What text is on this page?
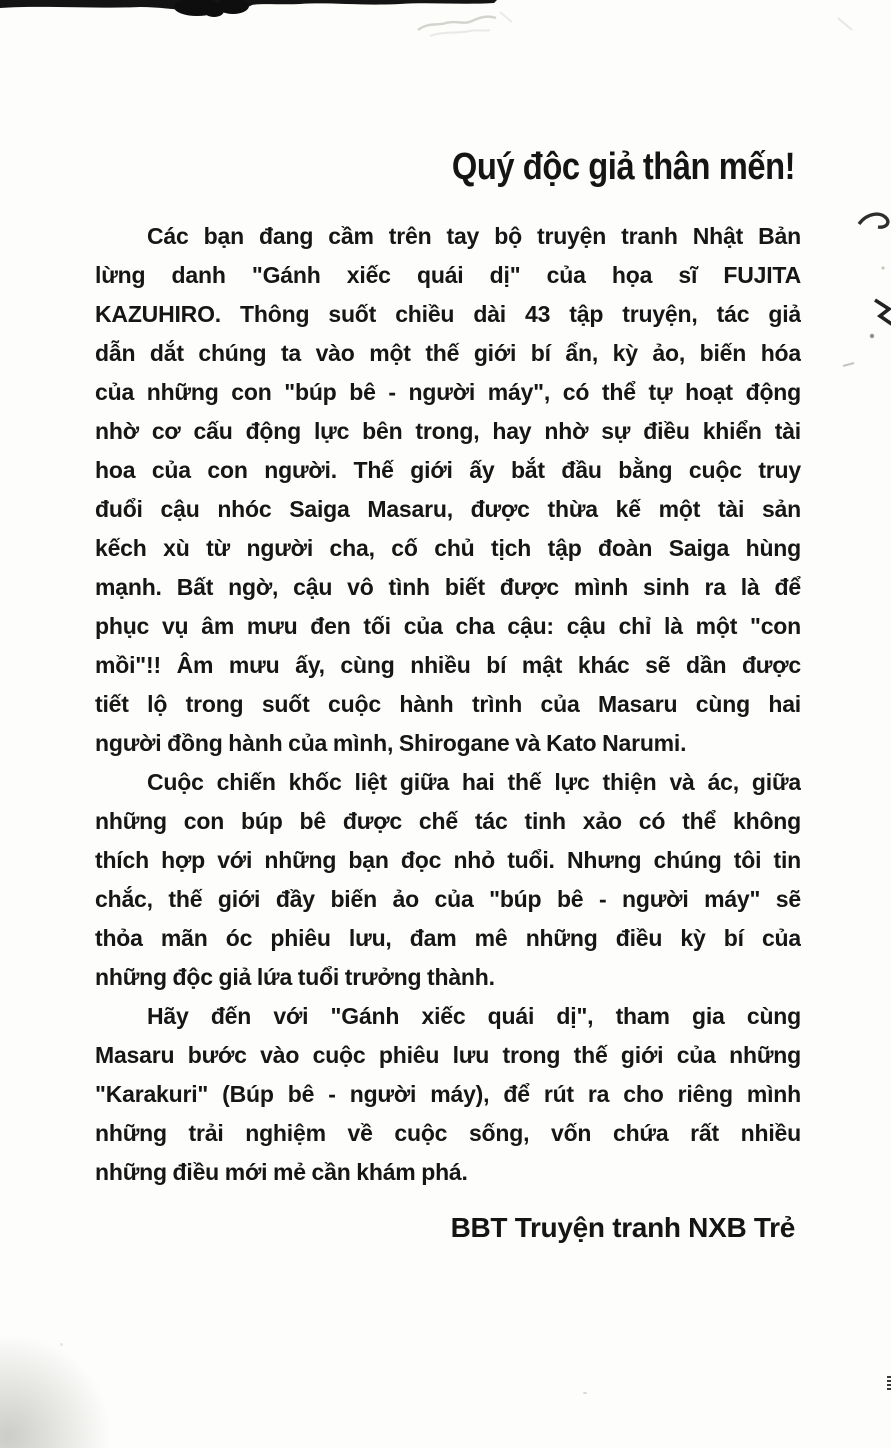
Quý độc giả thân mến!
Các bạn đang cầm trên tay bộ truyện tranh Nhật Bản
lừng danh "Gánh xiếc quái dị" của họa sĩ FUJITA
KAZUHIRO. Thông suốt chiều dài 43 tập truyện, tác giả
dẫn dắt chúng ta vào một thế giới bí ẩn, kỳ ảo, biến hóa
của những con "búp bê - người máy", có thể tự hoạt động
nhờ cơ cấu động lực bên trong, hay nhờ sự điều khiển tài
hoa của con người. Thế giới ấy bắt đầu bằng cuộc truy
đuổi cậu nhóc Saiga Masaru, được thừa kế một tài sản
kếch xù từ người cha, cố chủ tịch tập đoàn Saiga hùng
mạnh. Bất ngờ, cậu vô tình biết được mình sinh ra là để
phục vụ âm mưu đen tối của cha cậu: cậu chỉ là một "con
mồi"!! Âm mưu ấy, cùng nhiều bí mật khác sẽ dần được
tiết lộ trong suốt cuộc hành trình của Masaru cùng hai
người đồng hành của mình, Shirogane và Kato Narumi.
Cuộc chiến khốc liệt giữa hai thế lực thiện và ác, giữa
những con búp bê được chế tác tinh xảo có thể không
thích hợp với những bạn đọc nhỏ tuổi. Nhưng chúng tôi tin
chắc, thế giới đầy biến ảo của "búp bê - người máy" sẽ
thỏa mãn óc phiêu lưu, đam mê những điều kỳ bí của
những độc giả lứa tuổi trưởng thành.
Hãy đến với "Gánh xiếc quái dị", tham gia cùng
Masaru bước vào cuộc phiêu lưu trong thế giới của những
"Karakuri" (Búp bê - người máy), để rút ra cho riêng mình
những trải nghiệm về cuộc sống, vốn chứa rất nhiều
những điều mới mẻ cần khám phá.
BBT Truyện tranh NXB Trẻ
